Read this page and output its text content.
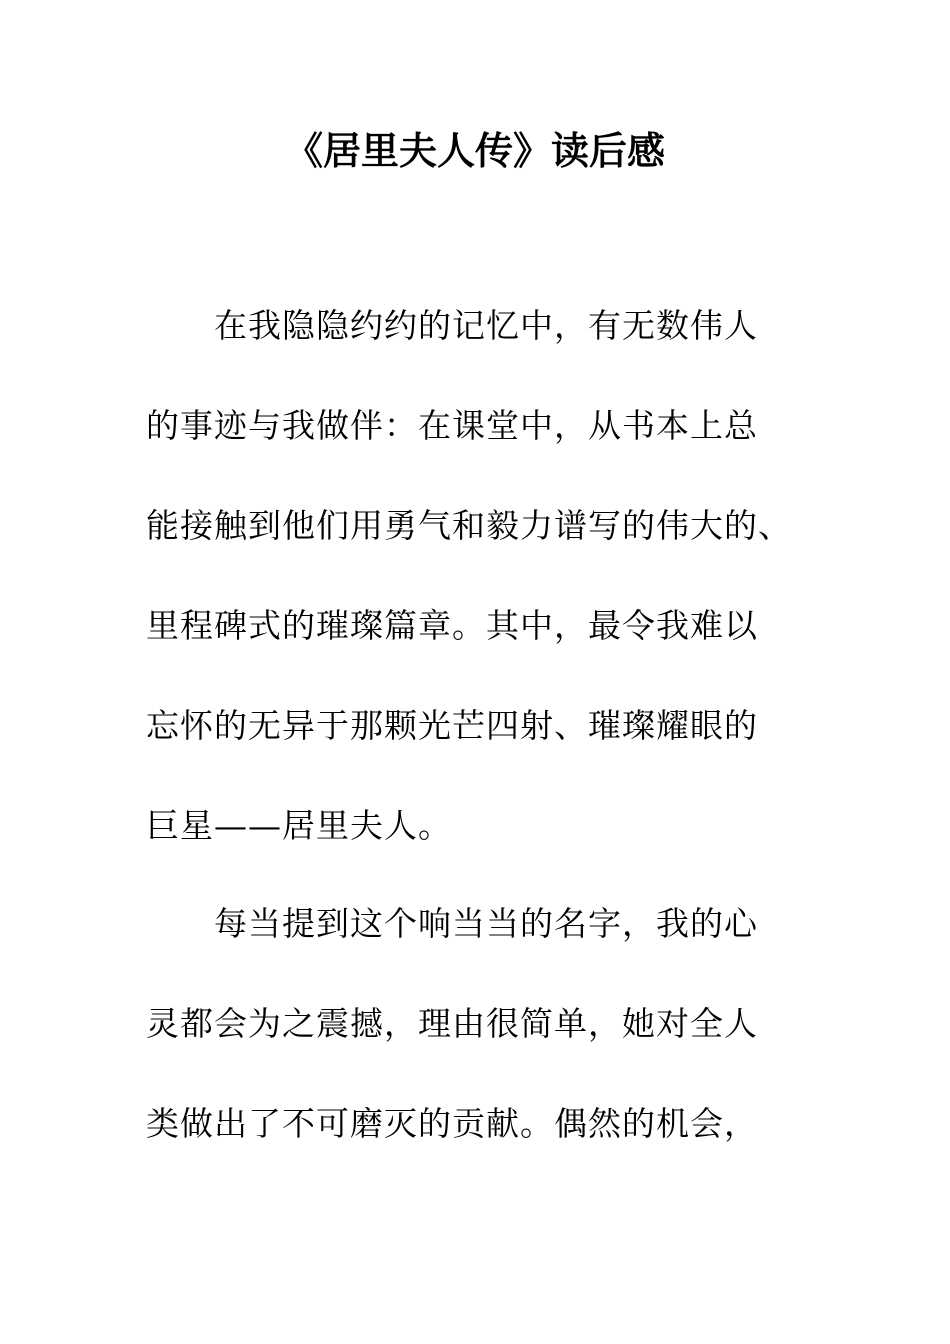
《居里夫人传》读后感
在我隐隐约约的记忆中，有无数伟人
的事迹与我做伴：在课堂中，从书本上总
能接触到他们用勇气和毅力谱写的伟大的、
里程碑式的璀璨篇章。其中，最令我难以
忘怀的无异于那颗光芒四射、璀璨耀眼的
巨星——居里夫人。
每当提到这个响当当的名字，我的心
灵都会为之震撼，理由很简单，她对全人
类做出了不可磨灭的贡献。偶然的机会，
